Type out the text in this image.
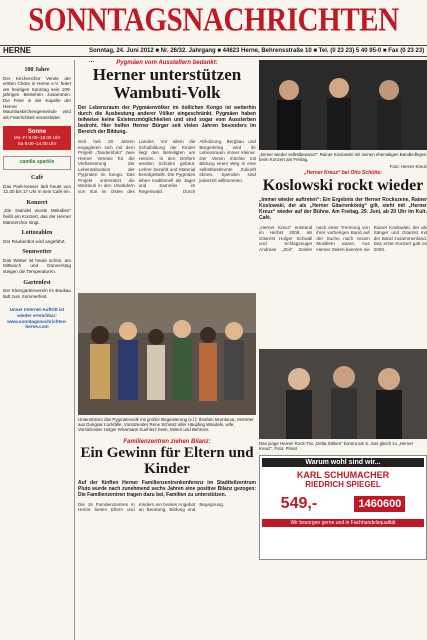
SONNTAGSNACHRICHTEN
HERNE	Sonntag, 24. Juni 2012 ■ Nr. 26/32. Jahrgang ■ 44623 Herne, Behrensstraße 10 ■ Tel. (0 23 23) 5 40 95-0 ■ Fax (0 23 23) ...
100 Jahre

Der Kirchenchor Venite der ersten Chöre in Herne e.V. feiert am heutigen Sonntag sein 100-jähriges Bestehen zusammen. Die Feier in der Kapelle der Herner Mauritiuskirchengemeinde wird als Feierlichkeit veranstaltet.

Sonne
Mo–Fr 9.00–18.00 Uhr
Sa 9.00–14.00 Uhr
camila sparkle
Café

Das Park-Kesser lädt heute von 12.30 bis 17 Uhr in sein Café ein.

Konzert

„Die Swindel wurde Melodien“ heißt ein Konzert, das der Herner Männerchor singt.

Lottozahlen

Der Raubenbot wird angeführt.

Sonnwetter

Das Wetter ist heute schön, am Mittwoch und Donnerstag steigen die Temperaturen.

Gartenfest

Der Kleingartenverein im Baukau lädt zum Sommerfest.

Unser Internet-Auftritt ist wieder erreichbar: www.sonntagsnachrichten-herne.com

Pygmäen vom Ausstellern bedankt:
Herner unterstützen Wambuti-Volk
Der Lebensraum der Pygmäenvölker im östlichen Kongo ist weiterhin durch die Ausbeutung anderer Völker eingeschränkt. Pygmäen haben teilweise keine Existenzmöglichkeiten und sind sogar vom Aussterben bedroht. Hier helfen Herner Bürger seit vielen Jahren besonders im Bereich der Bildung.
Seit fast 20 Jahren engagieren sich mit dem Projekt „Tandembdo“ zwei Herner Vereine für die Verbesserung der Lebenssituation der Pygmäen im Kongo. Das Projekt unterstützt die Wambuti in den Urwäldern von Ituri im Osten des Landes. Vor allem die Schulbildung der Kinder liegt den Beteiligten am Herzen. In den Dörfern werden Schulen gebaut, Lehrer bezahlt und Material bereitgestellt. Die Pygmäen leben traditionell als Jäger und Sammler im Regenwald. Durch Abholzung, Bergbau und Bürgerkrieg wird ihr Lebensraum immer kleiner. Der Verein möchte mit Bildung einen Weg in eine selbstbestimmte Zukunft ebnen. Spenden sind jederzeit willkommen.
Unterstützen das Pygmäenvolk mit großer Begeisterung (v.l.): Ibrahim Mumbeoa, Vertreter aus Dungsar Lückfälle, Vorsitzender Rene Schmitz aller Häupling Wandeki, wife, Vorsitzender Holger Wissmann Kuehlerz beim, Mirten und Behrens.
Familienzentren ziehen Bilanz:
Ein Gewinn für Eltern und Kinder
Auf der fünften Herner Familienzentrenkonferenz im Stadtteilzentrum Pluto wurde nach zunehmend sechs Jahren eine positive Bilanz gezogen: Die Familienzentren tragen dazu bei, Familien zu unterstützen.
Die 15 Familienzentren in Herne bieten Eltern und Kindern ein breites Angebot an Beratung, Bildung und Begegnung.
„Immer wieder selbstbewusst“: Rainer Koslowski mit seinen ehemaligen Bandkollegen beim Konzert am Freitag.
Foto: Herner Kreuz
„Herner Kreuz“ bei Otto Schütte:
Koslowski rockt wieder
„Immer wieder auftreten“: Ein Ergebnis der Herner Rockszene, Rainer Koslowski, der als „Herner Gitarrenkönig“ gilt, steht mit „Herner Kreuz“ wieder auf der Bühne. Am Freitag, 29. Juni, ab 20 Uhr im Kult-Café.
„Herner Kreuz“ entstand im Herbst 2008, als Gitarrist Holger Schwall und Schlagzeuger Andreas „Zeit“ Zeisler nach einer Trennung von ihrer vorherigen Band auf der Suche nach neuen Musikern waren. Aus Herner Zeiten kannten sie Rainer Koslowski, der als Sänger und Gitarrist mit der Band zusammenfand. Das erste Konzert gab es 2009.
Das junge Herner Rock-Trio „Delta Strikes“ kommt am 6. Juni gleich zu „Herner Kreuz“. Foto: Privat
Warum wohl sind wir...
KARL SCHUMACHER
RIEDRICH SPIEGEL
549,-	1460600
Wir besorgen gerne und in Fachhandelsqualität
